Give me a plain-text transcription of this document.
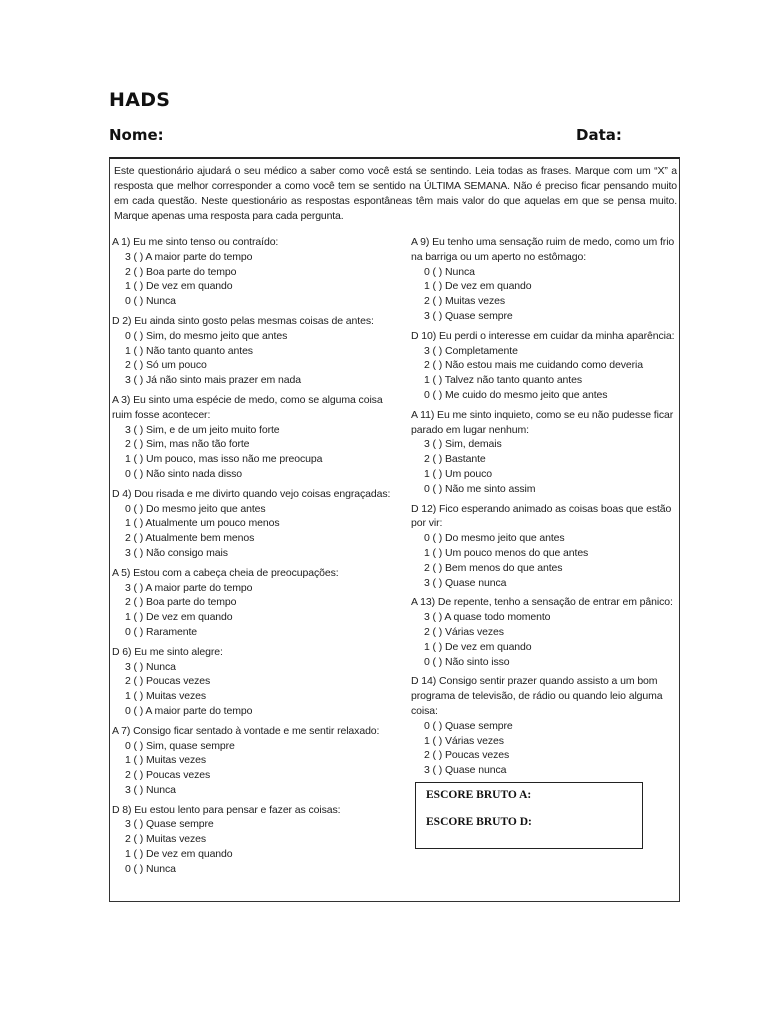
HADS
Nome:	Data:
Este questionário ajudará o seu médico a saber como você está se sentindo. Leia todas as frases. Marque com um “X” a resposta que melhor corresponder a como você tem se sentido na ÚLTIMA SEMANA. Não é preciso ficar pensando muito em cada questão. Neste questionário as respostas espontâneas têm mais valor do que aquelas em que se pensa muito. Marque apenas uma resposta para cada pergunta.
A 1) Eu me sinto tenso ou contraído:
3 ( ) A maior parte do tempo
2 ( ) Boa parte do tempo
1 ( ) De vez em quando
0 ( ) Nunca
D 2) Eu ainda sinto gosto pelas mesmas coisas de antes:
0 ( ) Sim, do mesmo jeito que antes
1 ( ) Não tanto quanto antes
2 ( ) Só um pouco
3 ( ) Já não sinto mais prazer em nada
A 3) Eu sinto uma espécie de medo, como se alguma coisa ruim fosse acontecer:
3 ( ) Sim, e de um jeito muito forte
2 ( ) Sim, mas não tão forte
1 ( ) Um pouco, mas isso não me preocupa
0 ( ) Não sinto nada disso
D 4) Dou risada e me divirto quando vejo coisas engraçadas:
0 ( ) Do mesmo jeito que antes
1 ( ) Atualmente um pouco menos
2 ( ) Atualmente bem menos
3 ( ) Não consigo mais
A 5) Estou com a cabeça cheia de preocupações:
3 ( ) A maior parte do tempo
2 ( ) Boa parte do tempo
1 ( ) De vez em quando
0 ( ) Raramente
D 6) Eu me sinto alegre:
3 ( ) Nunca
2 ( ) Poucas vezes
1 ( ) Muitas vezes
0 ( ) A maior parte do tempo
A 7) Consigo ficar sentado à vontade e me sentir relaxado:
0 ( ) Sim, quase sempre
1 ( ) Muitas vezes
2 ( ) Poucas vezes
3 ( ) Nunca
D 8) Eu estou lento para pensar e fazer as coisas:
3 ( ) Quase sempre
2 ( ) Muitas vezes
1 ( ) De vez em quando
0 ( ) Nunca
A 9) Eu tenho uma sensação ruim de medo, como um frio na barriga ou um aperto no estômago:
0 ( ) Nunca
1 ( ) De vez em quando
2 ( ) Muitas vezes
3 ( ) Quase sempre
D 10) Eu perdi o interesse em cuidar da minha aparência:
3 ( ) Completamente
2 ( ) Não estou mais me cuidando como deveria
1 ( ) Talvez não tanto quanto antes
0 ( ) Me cuido do mesmo jeito que antes
A 11) Eu me sinto inquieto, como se eu não pudesse ficar parado em lugar nenhum:
3 ( ) Sim, demais
2 ( ) Bastante
1 ( ) Um pouco
0 ( ) Não me sinto assim
D 12) Fico esperando animado as coisas boas que estão por vir:
0 ( ) Do mesmo jeito que antes
1 ( ) Um pouco menos do que antes
2 ( ) Bem menos do que antes
3 ( ) Quase nunca
A 13) De repente, tenho a sensação de entrar em pânico:
3 ( ) A quase todo momento
2 ( ) Várias vezes
1 ( ) De vez em quando
0 ( ) Não sinto isso
D 14) Consigo sentir prazer quando assisto a um bom programa de televisão, de rádio ou quando leio alguma coisa:
0 ( ) Quase sempre
1 ( ) Várias vezes
2 ( ) Poucas vezes
3 ( ) Quase nunca
ESCORE BRUTO A:
ESCORE BRUTO D:
